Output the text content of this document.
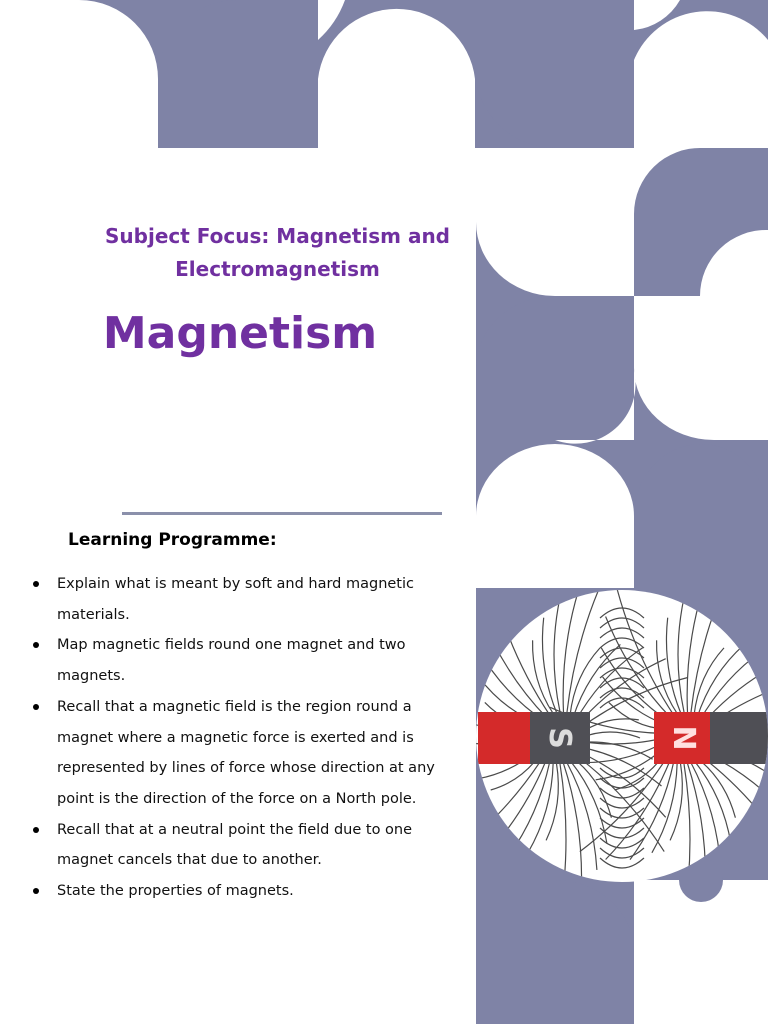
Subject Focus: Magnetism and
Electromagnetism
Magnetism
Learning Programme:
Explain what is meant by soft and hard magnetic materials.
Map magnetic fields round one magnet and two magnets.
Recall that a magnetic field is the region round a magnet where a magnetic force is exerted and is represented by lines of force whose direction at any point is the direction of the force on a North pole.
Recall that at a neutral point the field due to one magnet cancels that due to another.
State the properties of magnets.
S	N
